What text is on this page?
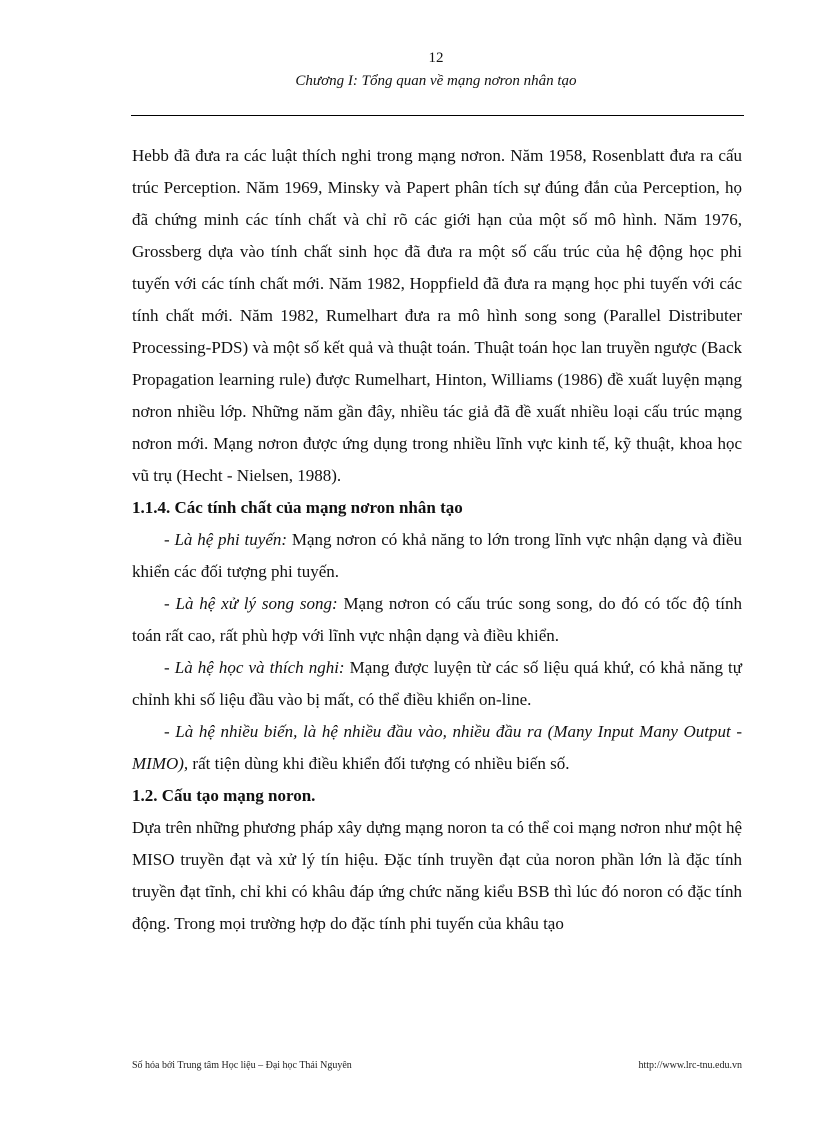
12
Chương I: Tổng quan về mạng nơron nhân tạo

Hebb đã đưa ra các luật thích nghi trong mạng nơron. Năm 1958, Rosenblatt đưa ra cấu trúc Perception. Năm 1969, Minsky và Papert phân tích sự đúng đắn của Perception, họ đã chứng minh các tính chất và chỉ rõ các giới hạn của một số mô hình. Năm 1976, Grossberg dựa vào tính chất sinh học đã đưa ra một số cấu trúc của hệ động học phi tuyến với các tính chất mới. Năm 1982, Hoppfield đã đưa ra mạng học phi tuyến với các tính chất mới. Năm 1982, Rumelhart đưa ra mô hình song song (Parallel Distributer Processing-PDS) và một số kết quả và thuật toán. Thuật toán học lan truyền ngược (Back Propagation learning rule) được Rumelhart, Hinton, Williams (1986) đề xuất luyện mạng nơron nhiều lớp. Những năm gần đây, nhiều tác giả đã đề xuất nhiều loại cấu trúc mạng nơron mới. Mạng nơron được ứng dụng trong nhiều lĩnh vực kinh tế, kỹ thuật, khoa học vũ trụ (Hecht - Nielsen, 1988).

1.1.4. Các tính chất của mạng nơron nhân tạo

- Là hệ phi tuyến: Mạng nơron có khả năng to lớn trong lĩnh vực nhận dạng và điều khiển các đối tượng phi tuyến.

- Là hệ xử lý song song: Mạng nơron có cấu trúc song song, do đó có tốc độ tính toán rất cao, rất phù hợp với lĩnh vực nhận dạng và điều khiển.

- Là hệ học và thích nghi: Mạng được luyện từ các số liệu quá khứ, có khả năng tự chỉnh khi số liệu đầu vào bị mất, có thể điều khiển on-line.

- Là hệ nhiều biến, là hệ nhiều đầu vào, nhiều đầu ra (Many Input Many Output - MIMO), rất tiện dùng khi điều khiển đối tượng có nhiều biến số.

1.2. Cấu tạo mạng noron.

Dựa trên những phương pháp xây dựng mạng noron ta có thể coi mạng nơron như một hệ MISO truyền đạt và xử lý tín hiệu. Đặc tính truyền đạt của noron phần lớn là đặc tính truyền đạt tĩnh, chỉ khi có khâu đáp ứng chức năng kiểu BSB thì lúc đó noron có đặc tính động. Trong mọi trường hợp do đặc tính phi tuyến của khâu tạo

Số hóa bởi Trung tâm Học liệu – Đại học Thái Nguyên	http://www.lrc-tnu.edu.vn
